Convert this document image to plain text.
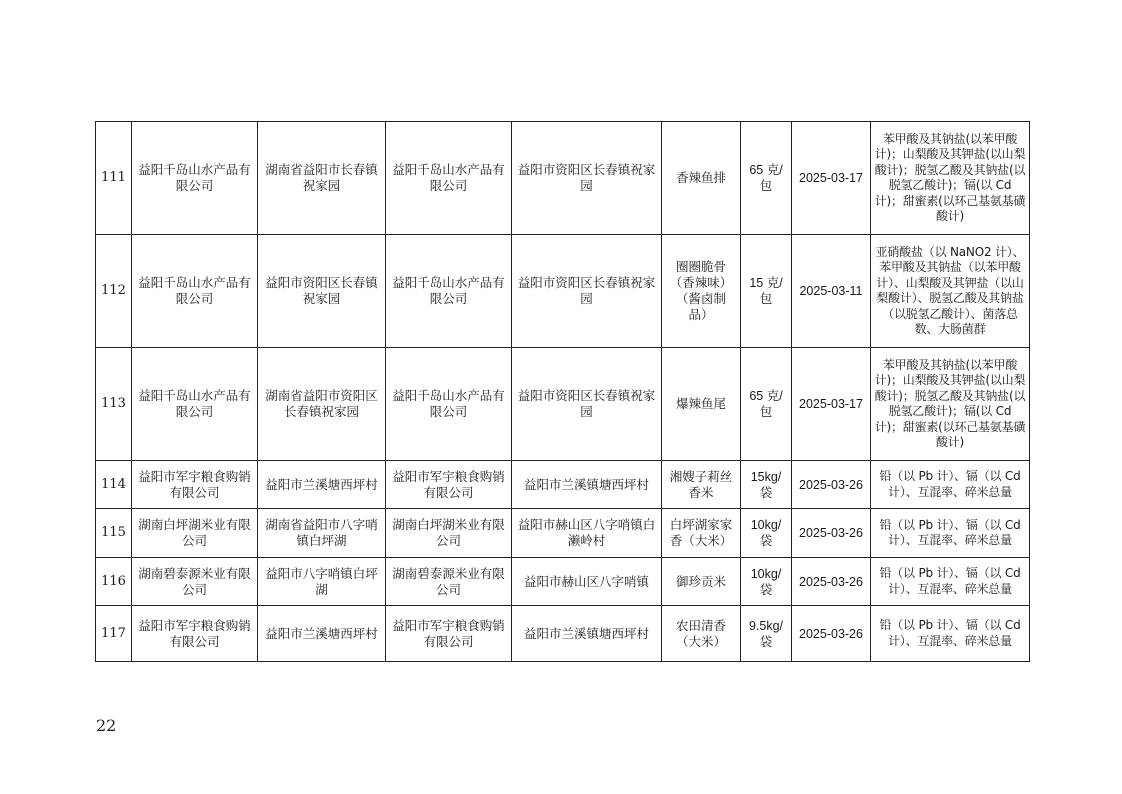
111	益阳千岛山水产品有限公司	湖南省益阳市长春镇祝家园	益阳千岛山水产品有限公司	益阳市资阳区长春镇祝家园	香辣鱼排	65 克/包	2025-03-17	苯甲酸及其钠盐(以苯甲酸计)；山梨酸及其钾盐(以山梨酸计)；脱氢乙酸及其钠盐(以脱氢乙酸计)；镉(以 Cd 计)；甜蜜素(以环己基氨基磺酸计)
112	益阳千岛山水产品有限公司	益阳市资阳区长春镇祝家园	益阳千岛山水产品有限公司	益阳市资阳区长春镇祝家园	圈圈脆骨（香辣味）（酱卤制品）	15 克/包	2025-03-11	亚硝酸盐（以 NaNO2 计）、苯甲酸及其钠盐（以苯甲酸计）、山梨酸及其钾盐（以山梨酸计）、脱氢乙酸及其钠盐（以脱氢乙酸计）、菌落总数、大肠菌群
113	益阳千岛山水产品有限公司	湖南省益阳市资阳区长春镇祝家园	益阳千岛山水产品有限公司	益阳市资阳区长春镇祝家园	爆辣鱼尾	65 克/包	2025-03-17	苯甲酸及其钠盐(以苯甲酸计)；山梨酸及其钾盐(以山梨酸计)；脱氢乙酸及其钠盐(以脱氢乙酸计)；镉(以 Cd 计)；甜蜜素(以环己基氨基磺酸计)
114	益阳市军宇粮食购销有限公司	益阳市兰溪塘西坪村	益阳市军宇粮食购销有限公司	益阳市兰溪镇塘西坪村	湘嫂子莉丝香米	15kg/袋	2025-03-26	铅（以 Pb 计）、镉（以 Cd 计）、互混率、碎米总量
115	湖南白坪湖米业有限公司	湖南省益阳市八字哨镇白坪湖	湖南白坪湖米业有限公司	益阳市赫山区八字哨镇白濑岭村	白坪湖家家香（大米）	10kg/袋	2025-03-26	铅（以 Pb 计）、镉（以 Cd 计）、互混率、碎米总量
116	湖南碧泰源米业有限公司	益阳市八字哨镇白坪湖	湖南碧泰源米业有限公司	益阳市赫山区八字哨镇	御珍贡米	10kg/袋	2025-03-26	铅（以 Pb 计）、镉（以 Cd 计）、互混率、碎米总量
117	益阳市军宇粮食购销有限公司	益阳市兰溪塘西坪村	益阳市军宇粮食购销有限公司	益阳市兰溪镇塘西坪村	农田清香（大米）	9.5kg/袋	2025-03-26	铅（以 Pb 计）、镉（以 Cd 计）、互混率、碎米总量
22
